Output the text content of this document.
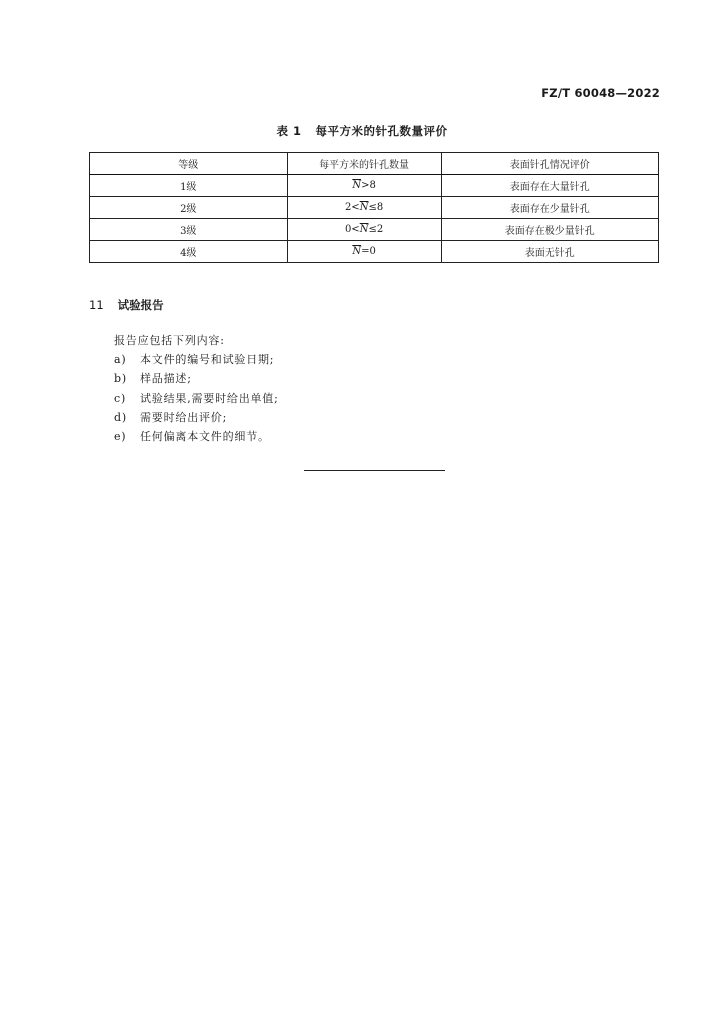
FZ/T 60048—2022
表 1 每平方米的针孔数量评价
等级	每平方米的针孔数量	表面针孔情况评价
1级	$\overline{N}>8$	表面存在大量针孔
2级	$2<\overline{N}\le 8$	表面存在少量针孔
3级	$0<\overline{N}\le 2$	表面存在极少量针孔
4级	$\overline{N}=0$	表面无针孔
11 试验报告
报告应包括下列内容:
a)	本文件的编号和试验日期;
b)	样品描述;
c)	试验结果,需要时给出单值;
d)	需要时给出评价;
e)	任何偏离本文件的细节。
